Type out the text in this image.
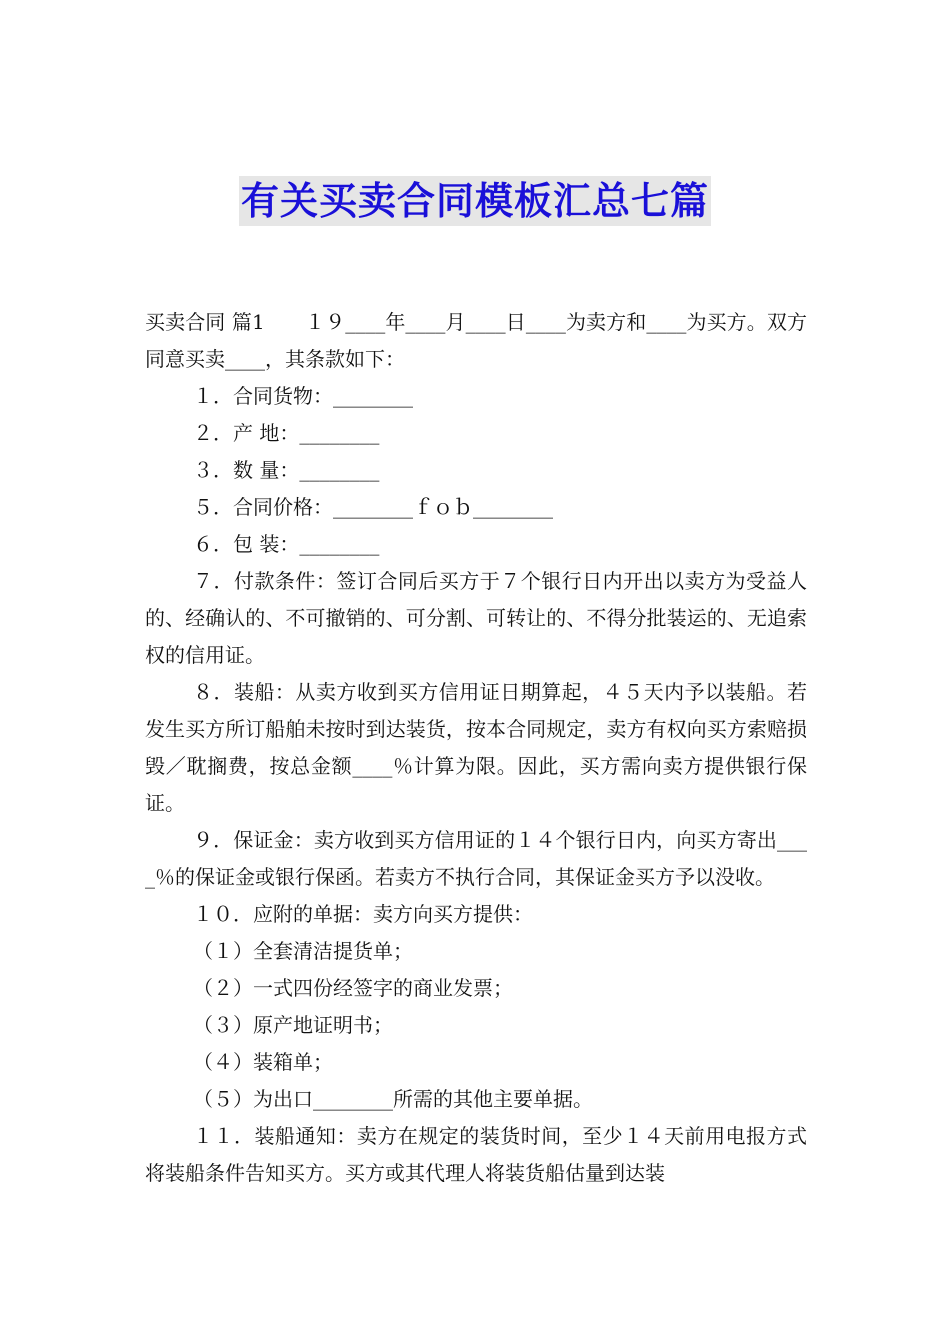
有关买卖合同模板汇总七篇

买卖合同 篇1　　１９____年____月____日____为卖方和____为买方。双方同意买卖____，其条款如下：

１．合同货物：________

２．产 地：________

３．数 量：________

５．合同价格：________ｆｏｂ________

６．包 装：________

７．付款条件：签订合同后买方于７个银行日内开出以卖方为受益人的、经确认的、不可撤销的、可分割、可转让的、不得分批装运的、无追索权的信用证。

８．装船：从卖方收到买方信用证日期算起，４５天内予以装船。若发生买方所订船舶未按时到达装货，按本合同规定，卖方有权向买方索赔损毁／耽搁费，按总金额____％计算为限。因此，买方需向卖方提供银行保证。

９．保证金：卖方收到买方信用证的１４个银行日内，向买方寄出____％的保证金或银行保函。若卖方不执行合同，其保证金买方予以没收。

１０．应附的单据：卖方向买方提供：

（１）全套清洁提货单；

（２）一式四份经签字的商业发票；

（３）原产地证明书；

（４）装箱单；

（５）为出口________所需的其他主要单据。

１１．装船通知：卖方在规定的装货时间，至少１４天前用电报方式将装船条件告知买方。买方或其代理人将装货船估量到达装
